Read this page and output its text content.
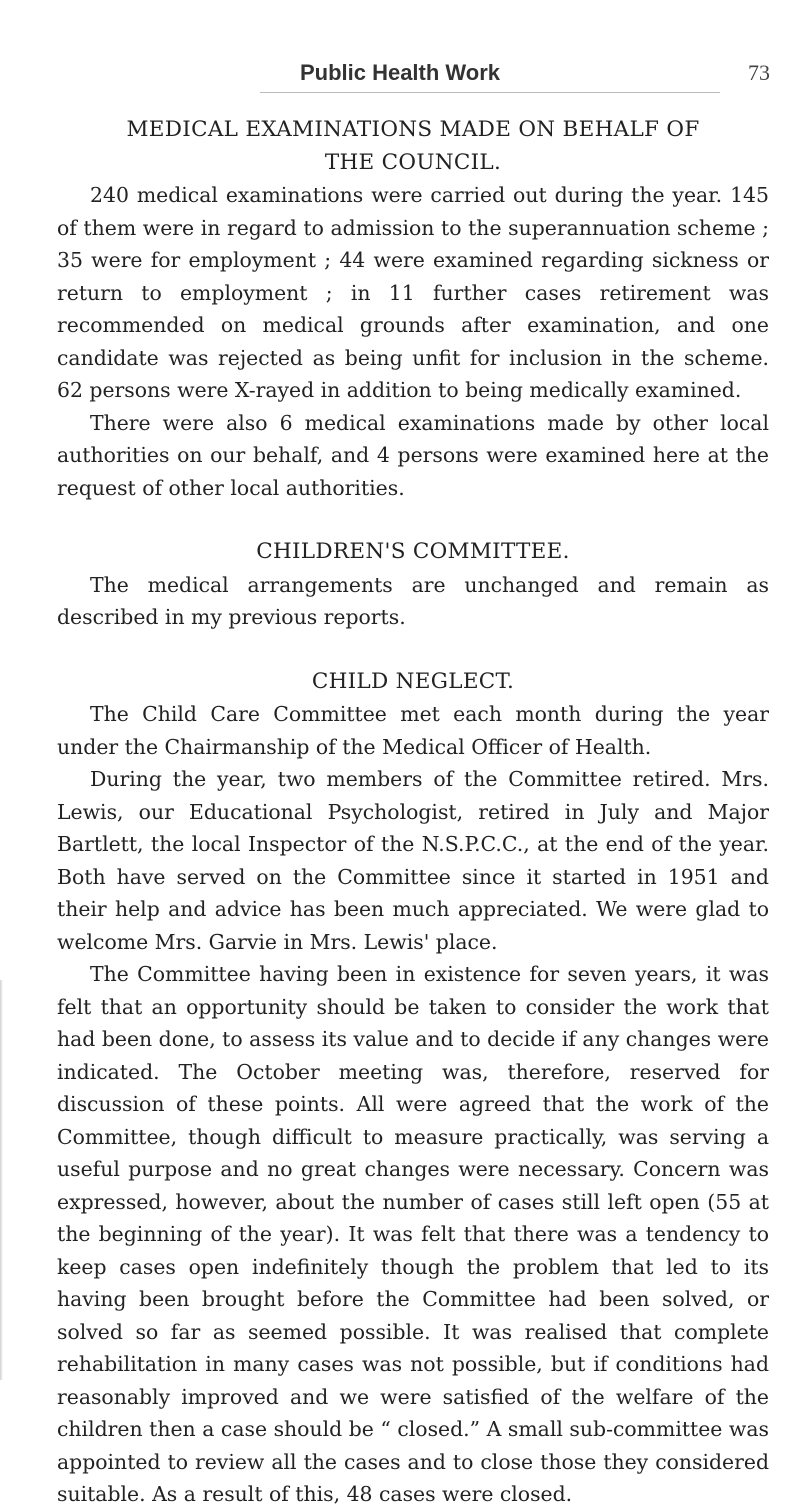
Public Health Work	73
MEDICAL EXAMINATIONS MADE ON BEHALF OF
THE COUNCIL.

240 medical examinations were carried out during the year. 145 of them were in regard to admission to the superannuation scheme ; 35 were for employment ; 44 were examined regarding sickness or return to employment ; in 11 further cases retirement was recommended on medical grounds after examination, and one candidate was rejected as being unfit for inclusion in the scheme. 62 persons were X-rayed in addition to being medically examined.

There were also 6 medical examinations made by other local authorities on our behalf, and 4 persons were examined here at the request of other local authorities.

CHILDREN'S COMMITTEE.

The medical arrangements are unchanged and remain as described in my previous reports.

CHILD NEGLECT.

The Child Care Committee met each month during the year under the Chairmanship of the Medical Officer of Health.

During the year, two members of the Committee retired. Mrs. Lewis, our Educational Psychologist, retired in July and Major Bartlett, the local Inspector of the N.S.P.C.C., at the end of the year. Both have served on the Committee since it started in 1951 and their help and advice has been much appreciated. We were glad to welcome Mrs. Garvie in Mrs. Lewis' place.

The Committee having been in existence for seven years, it was felt that an opportunity should be taken to consider the work that had been done, to assess its value and to decide if any changes were indicated. The October meeting was, therefore, reserved for discussion of these points. All were agreed that the work of the Committee, though difficult to measure practically, was serving a useful purpose and no great changes were necessary. Concern was expressed, however, about the number of cases still left open (55 at the beginning of the year). It was felt that there was a tendency to keep cases open indefinitely though the problem that led to its having been brought before the Committee had been solved, or solved so far as seemed possible. It was realised that complete rehabilitation in many cases was not possible, but if conditions had reasonably improved and we were satisfied of the welfare of the children then a case should be “ closed.” A small sub-committee was appointed to review all the cases and to close those they considered suitable. As a result of this, 48 cases were closed.
